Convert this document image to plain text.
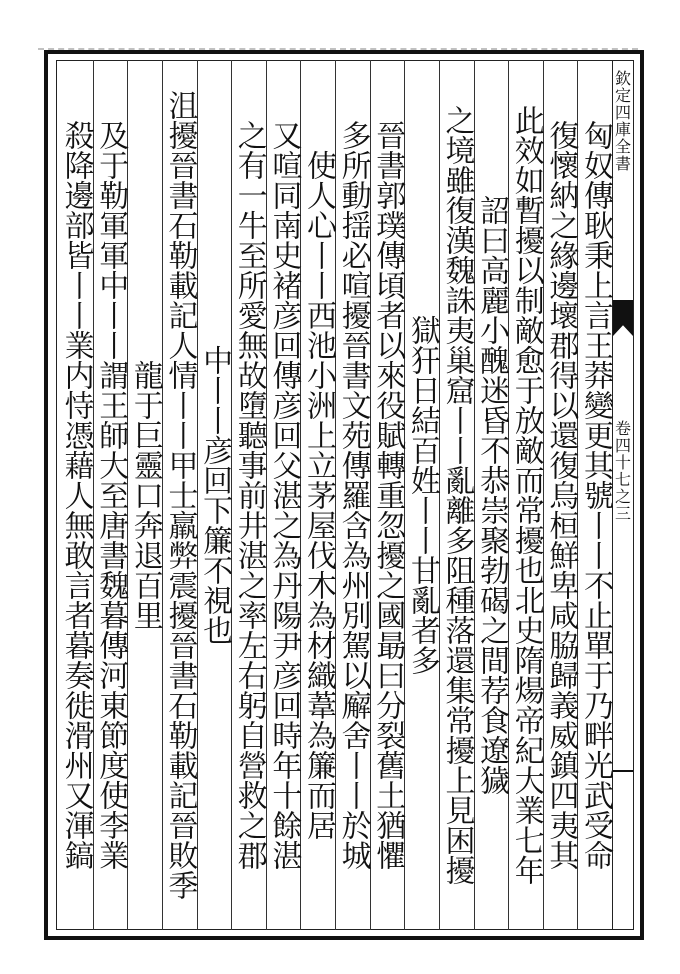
欽定四庫全書
卷四十七之三
匈奴傳耿秉上言王莽變更其號丨丨不止單于乃畔光武受命
復懷納之緣邊壞郡得以還復烏桓鮮卑咸脇歸義威鎮四夷其
此效如暫擾以制敵愈于放敵而常擾也北史隋煬帝紀大業七年
詔曰高麗小醜迷昏不恭崇聚勃碣之間荐食遼獩
之境雖復漢魏誅夷巢窟丨丨亂離多阻種落還集常擾上見困擾
獄犴日結百姓丨丨甘亂者多
晉書郭璞傳頃者以來役賦轉重忽擾之國朂曰分裂舊土猶懼
多所動揺必喧擾晉書文苑傳羅含為州別駕以廨舍丨丨於城
使人心丨丨西池小洲上立茅屋伐木為材織葦為簾而居
又喧同南史褚彦回傳彦回父湛之為丹陽尹彦回時年十餘湛
之有一牛至所愛無故墮聽事前井湛之率左右躬自營救之郡
中丨丨彦回下簾不視也
沮擾晉書石勒載記人情丨丨甲士羸弊震擾晉書石勒載記晉敗季
龍于巨靈口奔退百里
及于勒軍軍中丨丨謂王師大至唐書魏暮傳河東節度使李業
殺降邊部皆丨丨業内恃憑藉人無敢言者暮奏徙滑州又渾鎬
